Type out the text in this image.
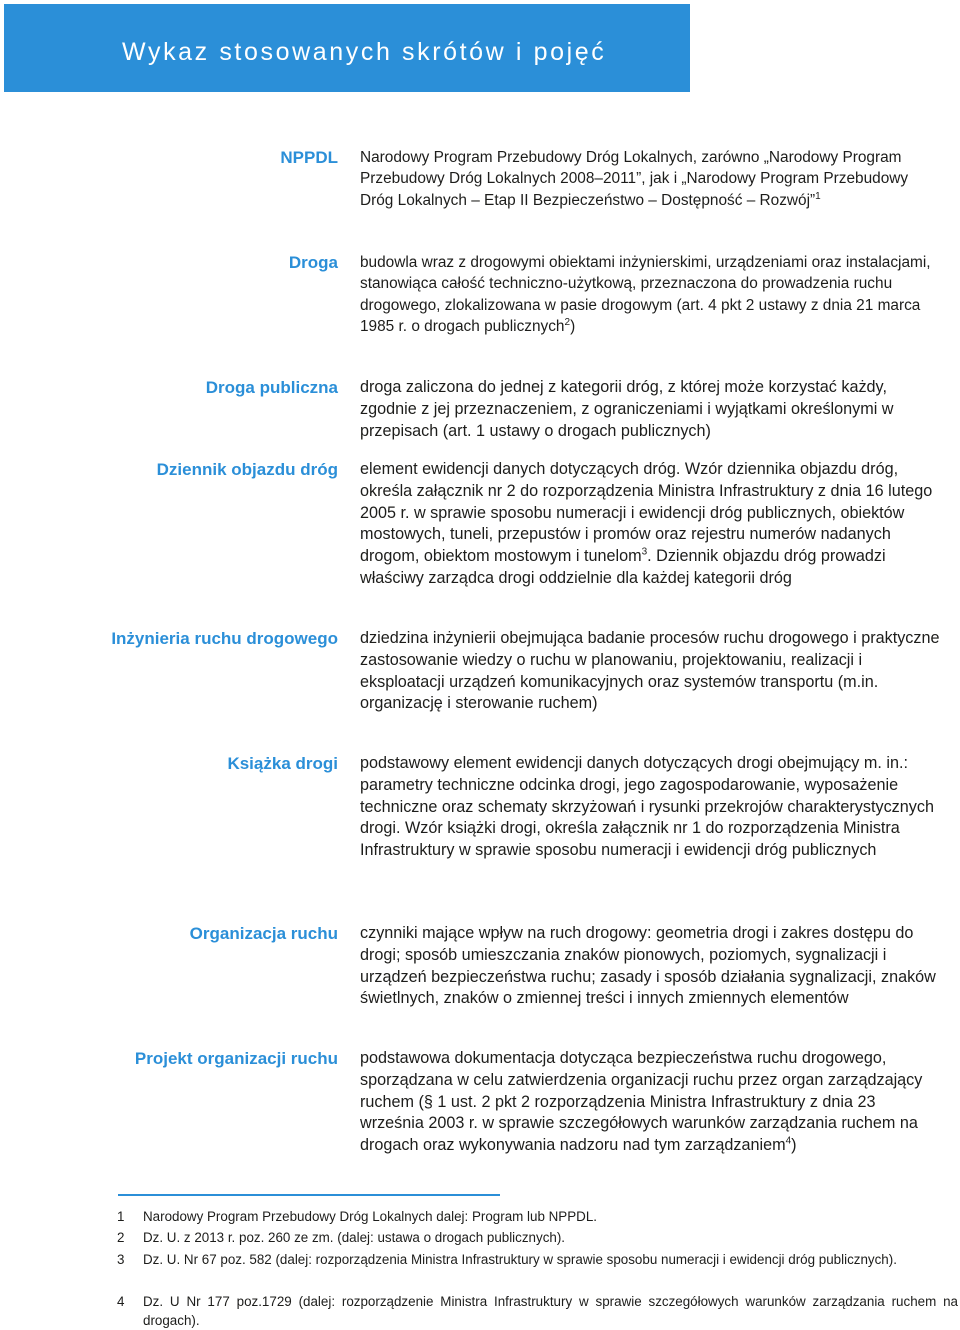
Wykaz stosowanych skrótów i pojęć
NPPDL Narodowy Program Przebudowy Dróg Lokalnych, zarówno „Narodowy Program Przebudowy Dróg Lokalnych 2008–2011”, jak i „Narodowy Program Przebudowy Dróg Lokalnych – Etap II Bezpieczeństwo – Dostępność – Rozwój”$^1$
Droga budowla wraz z drogowymi obiektami inżynierskimi, urządzeniami oraz instalacjami, stanowiąca całość techniczno-użytkową, przeznaczona do prowadzenia ruchu drogowego, zlokalizowana w pasie drogowym (art. 4 pkt 2 ustawy z dnia 21 marca 1985 r. o drogach publicznych$^2$)
Droga publiczna droga zaliczona do jednej z kategorii dróg, z której może korzystać każdy, zgodnie z jej przeznaczeniem, z ograniczeniami i wyjątkami określonymi w przepisach (art. 1 ustawy o drogach publicznych)
Dziennik objazdu dróg element ewidencji danych dotyczących dróg. Wzór dziennika objazdu dróg, określa załącznik nr 2 do rozporządzenia Ministra Infrastruktury z dnia 16 lutego 2005 r. w sprawie sposobu numeracji i ewidencji dróg publicznych, obiektów mostowych, tuneli, przepustów i promów oraz rejestru numerów nadanych drogom, obiektom mostowym i tunelom$^3$. Dziennik objazdu dróg prowadzi właściwy zarządca drogi oddzielnie dla każdej kategorii dróg
Inżynieria ruchu drogowego dziedzina inżynierii obejmująca badanie procesów ruchu drogowego i praktyczne zastosowanie wiedzy o ruchu w planowaniu, projektowaniu, realizacji i eksploatacji urządzeń komunikacyjnych oraz systemów transportu (m.in. organizację i sterowanie ruchem)
Książka drogi podstawowy element ewidencji danych dotyczących drogi obejmujący m. in.: parametry techniczne odcinka drogi, jego zagospodarowanie, wyposażenie techniczne oraz schematy skrzyżowań i rysunki przekrojów charakterystycznych drogi. Wzór książki drogi, określa załącznik nr 1 do rozporządzenia Ministra Infrastruktury w sprawie sposobu numeracji i ewidencji dróg publicznych
Organizacja ruchu czynniki mające wpływ na ruch drogowy: geometria drogi i zakres dostępu do drogi; sposób umieszczania znaków pionowych, poziomych, sygnalizacji i urządzeń bezpieczeństwa ruchu; zasady i sposób działania sygnalizacji, znaków świetlnych, znaków o zmiennej treści i innych zmiennych elementów
Projekt organizacji ruchu podstawowa dokumentacja dotycząca bezpieczeństwa ruchu drogowego, sporządzana w celu zatwierdzenia organizacji ruchu przez organ zarządzający ruchem (§ 1 ust. 2 pkt 2 rozporządzenia Ministra Infrastruktury z dnia 23 września 2003 r. w sprawie szczegółowych warunków zarządzania ruchem na drogach oraz wykonywania nadzoru nad tym zarządzaniem$^4$)
1 Narodowy Program Przebudowy Dróg Lokalnych dalej: Program lub NPPDL.
2 Dz. U. z 2013 r. poz. 260 ze zm. (dalej: ustawa o drogach publicznych).
3 Dz. U. Nr 67 poz. 582 (dalej: rozporządzenia Ministra Infrastruktury w sprawie sposobu numeracji i ewidencji dróg publicznych).
4 Dz. U Nr 177 poz.1729 (dalej: rozporządzenie Ministra Infrastruktury w sprawie szczegółowych warunków zarządzania ruchem na drogach).
